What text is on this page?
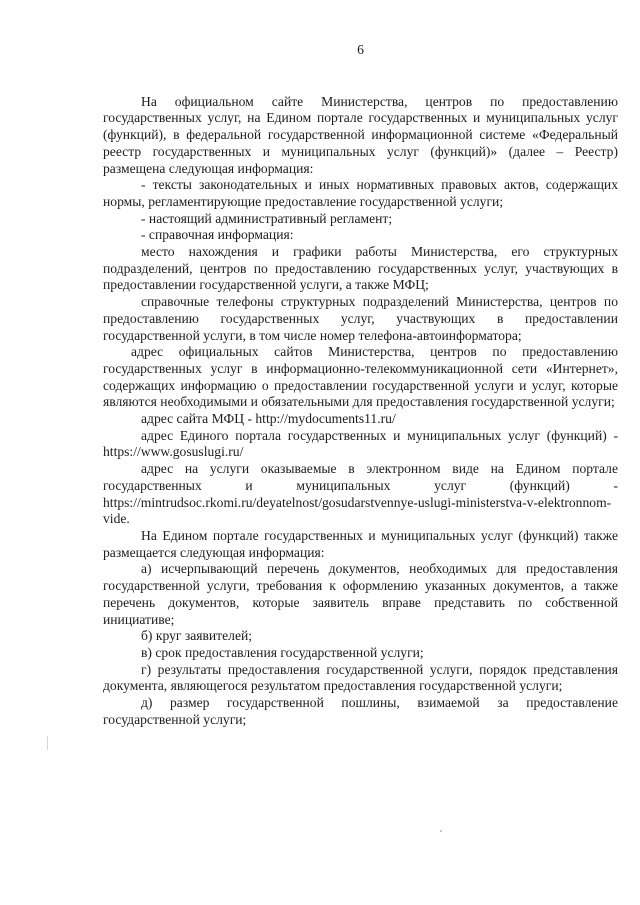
6

На официальном сайте Министерства, центров по предоставлению государственных услуг, на Едином портале государственных и муниципальных услуг (функций), в федеральной государственной информационной системе «Федеральный реестр государственных и муниципальных услуг (функций)» (далее – Реестр) размещена следующая информация:

- тексты законодательных и иных нормативных правовых актов, содержащих нормы, регламентирующие предоставление государственной услуги;

- настоящий административный регламент;

- справочная информация:

место нахождения и графики работы Министерства, его структурных подразделений, центров по предоставлению государственных услуг, участвующих в предоставлении государственной услуги, а также МФЦ;

справочные телефоны структурных подразделений Министерства, центров по предоставлению государственных услуг, участвующих в предоставлении государственной услуги, в том числе номер телефона-автоинформатора;

адрес официальных сайтов Министерства, центров по предоставлению государственных услуг в информационно-телекоммуникационной сети «Интернет», содержащих информацию о предоставлении государственной услуги и услуг, которые являются необходимыми и обязательными для предоставления государственной услуги;

адрес сайта МФЦ - http://mydocuments11.ru/

адрес Единого портала государственных и муниципальных услуг (функций) - https://www.gosuslugi.ru/

адрес на услуги оказываемые в электронном виде на Едином портале государственных и муниципальных услуг (функций) - https://mintrudsoc.rkomi.ru/deyatelnost/gosudarstvennye-uslugi-ministerstva-v-elektronnom-vide.

На Едином портале государственных и муниципальных услуг (функций) также размещается следующая информация:

а) исчерпывающий перечень документов, необходимых для предоставления государственной услуги, требования к оформлению указанных документов, а также перечень документов, которые заявитель вправе представить по собственной инициативе;

б) круг заявителей;

в) срок предоставления государственной услуги;

г) результаты предоставления государственной услуги, порядок представления документа, являющегося результатом предоставления государственной услуги;

д) размер государственной пошлины, взимаемой за предоставление государственной услуги;
